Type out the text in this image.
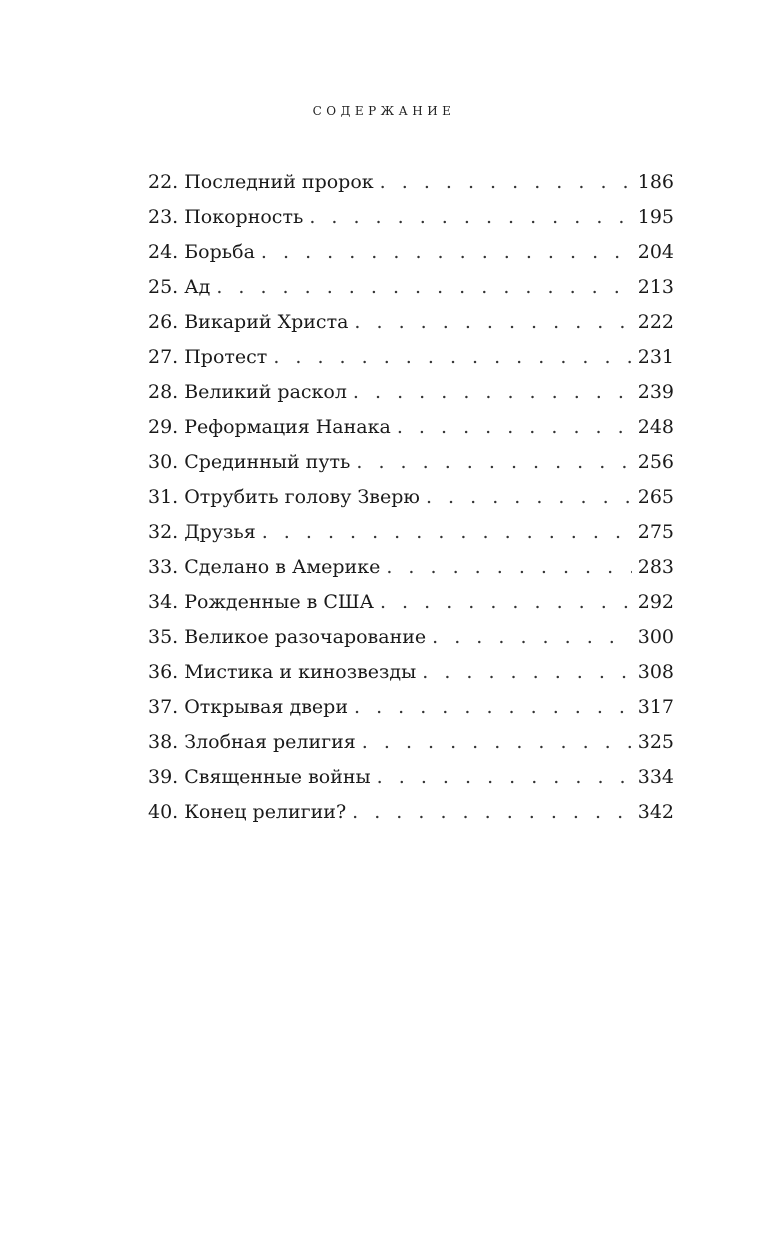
СОДЕРЖАНИЕ
22. Последний пророк . . .	186
23. Покорность . . .	195
24. Борьба . . .	204
25. Ад . . .	213
26. Викарий Христа . . .	222
27. Протест . . .	231
28. Великий раскол . . .	239
29. Реформация Нанака . . .	248
30. Срединный путь . . .	256
31. Отрубить голову Зверю . . .	265
32. Друзья . . .	275
33. Сделано в Америке . . .	283
34. Рожденные в США . . .	292
35. Великое разочарование . . .	300
36. Мистика и кинозвезды . . .	308
37. Открывая двери . . .	317
38. Злобная религия . . .	325
39. Священные войны . . .	334
40. Конец религии? . . .	342
